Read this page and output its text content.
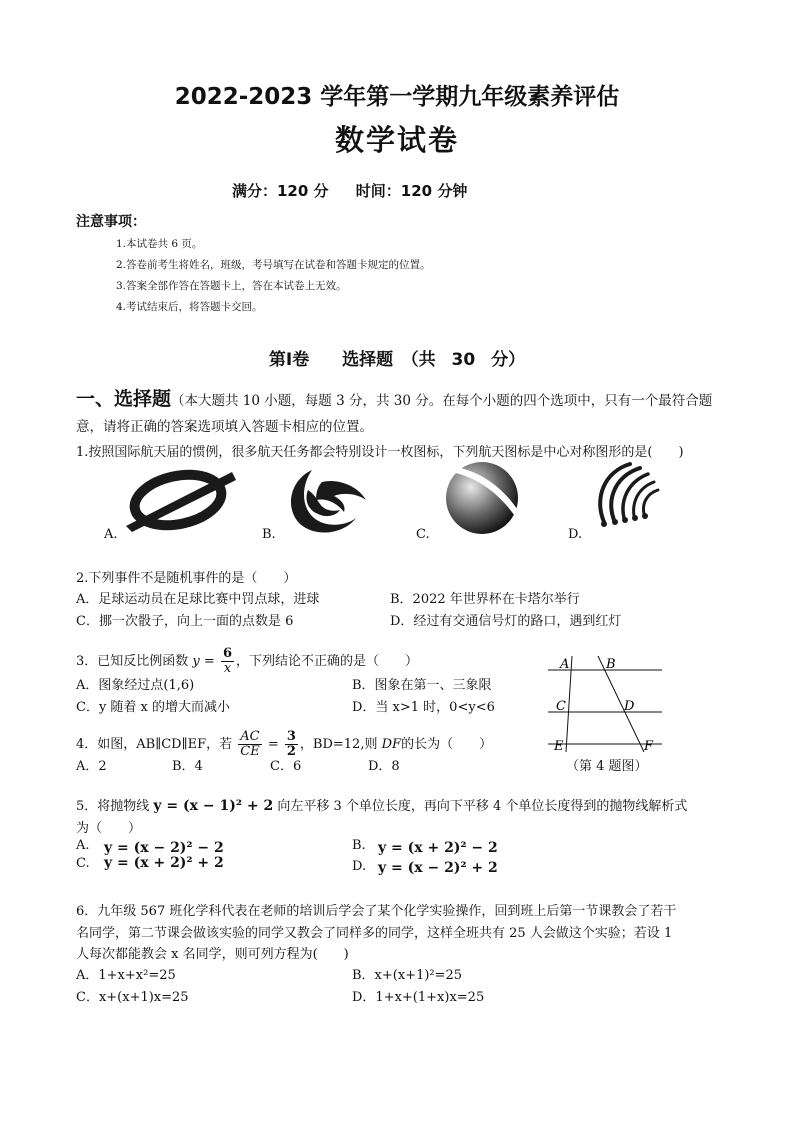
2022-2023 学年第一学期九年级素养评估
数学试卷
满分：120 分 时间：120 分钟
注意事项：
1.本试卷共 6 页。
2.答卷前考生将姓名，班级，考号填写在试卷和答题卡规定的位置。
3.答案全部作答在答题卡上，答在本试卷上无效。
4.考试结束后，将答题卡交回。
第Ⅰ卷　 选择题　（共 30 分）
一、选择题（本大题共 10 小题，每题 3 分，共 30 分。在每个小题的四个选项中，只有一个最符合题
意，请将正确的答案选项填入答题卡相应的位置。
1.按照国际航天届的惯例，很多航天任务都会特别设计一枚图标，下列航天图标是中心对称图形的是(　　)
A.	B.	C.	D.
2.下列事件不是随机事件的是（　　）
A．足球运动员在足球比赛中罚点球，进球	B．2022 年世界杯在卡塔尔举行
C．挪一次骰子，向上一面的点数是 6	D．经过有交通信号灯的路口，遇到红灯
3．已知反比例函数 $y = \frac{6}{x}$ ，下列结论不正确的是（　　）
A．图象经过点(1,6)	B．图象在第一、三象限
C．y 随着 x 的增大而减小	D．当 x>1 时，0<y<6
4．如图，AB∥CD∥EF，若 $\frac{AC}{CE} = \frac{3}{2}$ ，BD=12,则 DF的长为（　　）
A．2	B．4	C．6	D．8
A	B
C	D
E	F
（第 4 题图）
5．将抛物线 y = (x − 1)² + 2 向左平移 3 个单位长度，再向下平移 4 个单位长度得到的抛物线解析式
为（　　）
A. y = (x − 2)² − 2	B. y = (x + 2)² − 2
C. y = (x + 2)² + 2	D. y = (x − 2)² + 2
6．九年级 567 班化学科代表在老师的培训后学会了某个化学实验操作，回到班上后第一节课教会了若干
名同学，第二节课会做该实验的同学又教会了同样多的同学，这样全班共有 25 人会做这个实验；若设 1
人每次都能教会 x 名同学，则可列方程为(　　)
A．1+x+x²=25	B．x+(x+1)²=25
C．x+(x+1)x=25	D．1+x+(1+x)x=25
